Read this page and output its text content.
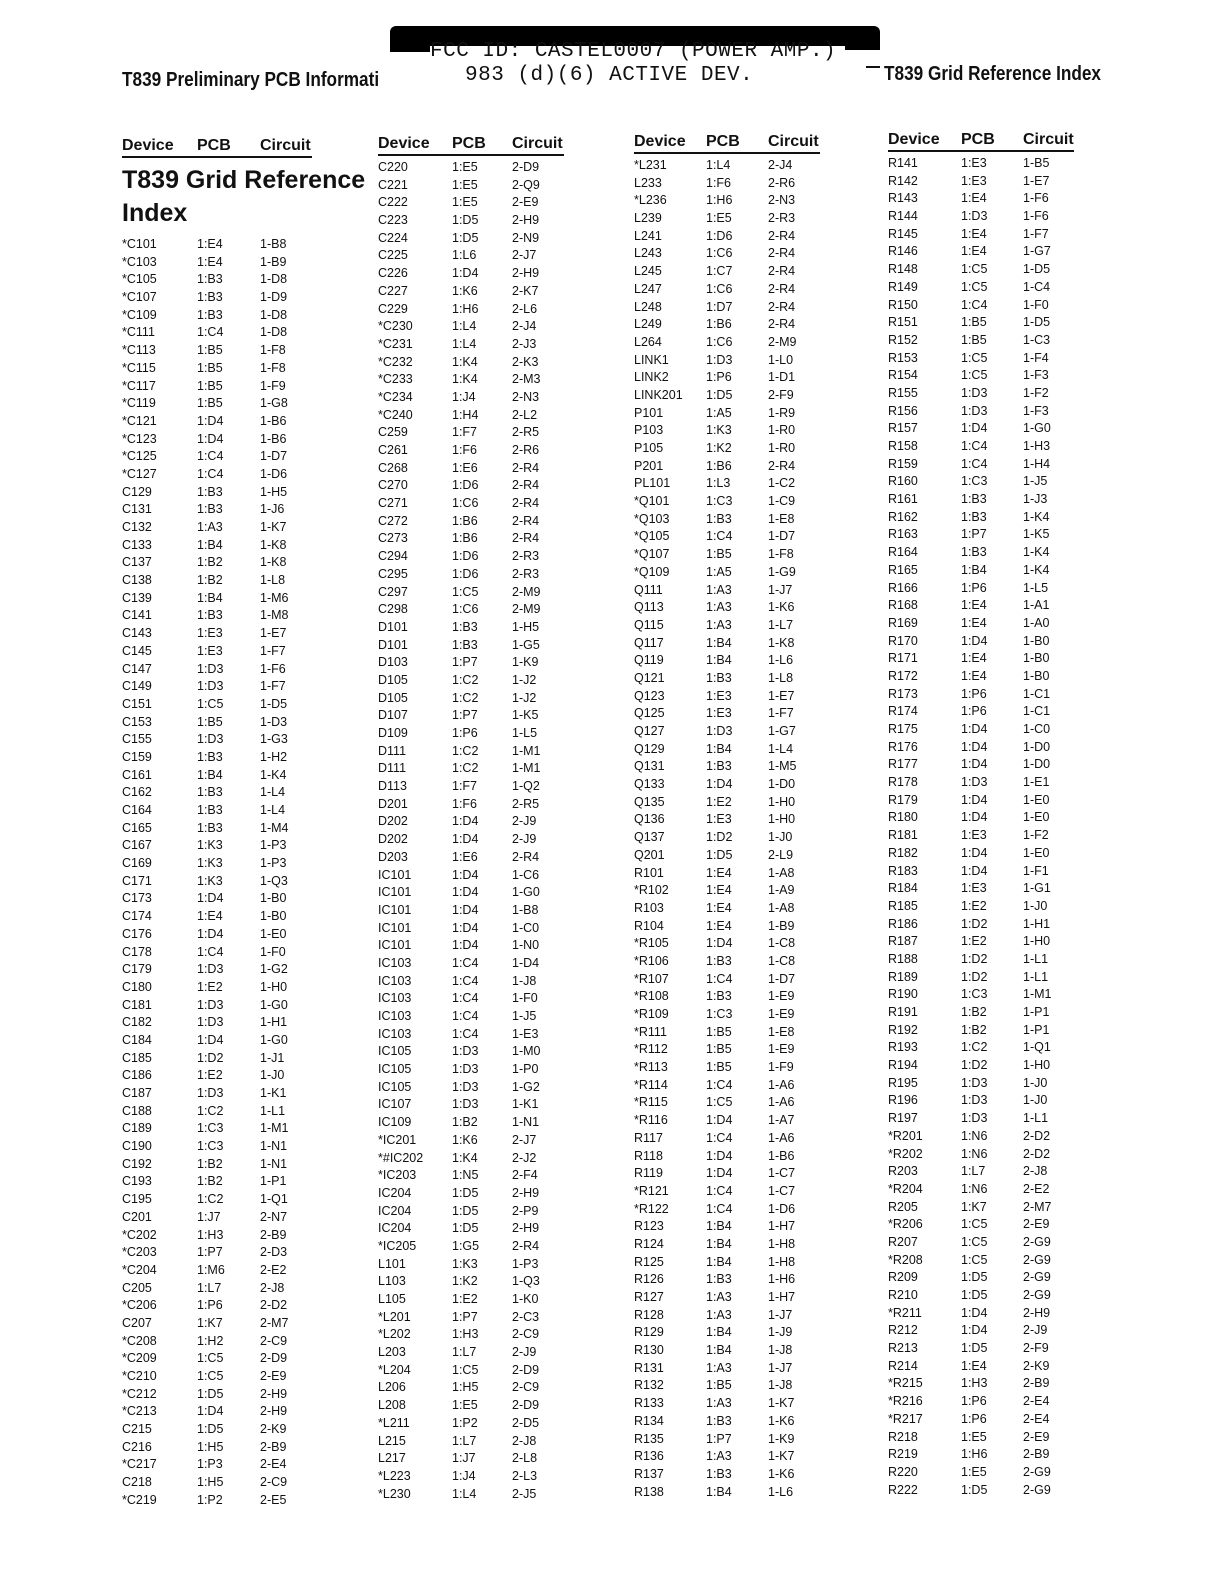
FCC ID: CASTEL0007 (POWER AMP.)
983 (d)(6) ACTIVE DEV.
T839 Preliminary PCB Informati	T839 Grid Reference Index
Device PCB Circuit
T839 Grid Reference Index
*C101	1:E4	1-B8
*C103	1:E4	1-B9
*C105	1:B3	1-D8
*C107	1:B3	1-D9
*C109	1:B3	1-D8
*C111	1:C4	1-D8
*C113	1:B5	1-F8
*C115	1:B5	1-F8
*C117	1:B5	1-F9
*C119	1:B5	1-G8
*C121	1:D4	1-B6
*C123	1:D4	1-B6
*C125	1:C4	1-D7
*C127	1:C4	1-D6
C129	1:B3	1-H5
C131	1:B3	1-J6
C132	1:A3	1-K7
C133	1:B4	1-K8
C137	1:B2	1-K8
C138	1:B2	1-L8
C139	1:B4	1-M6
C141	1:B3	1-M8
C143	1:E3	1-E7
C145	1:E3	1-F7
C147	1:D3	1-F6
C149	1:D3	1-F7
C151	1:C5	1-D5
C153	1:B5	1-D3
C155	1:D3	1-G3
C159	1:B3	1-H2
C161	1:B4	1-K4
C162	1:B3	1-L4
C164	1:B3	1-L4
C165	1:B3	1-M4
C167	1:K3	1-P3
C169	1:K3	1-P3
C171	1:K3	1-Q3
C173	1:D4	1-B0
C174	1:E4	1-B0
C176	1:D4	1-E0
C178	1:C4	1-F0
C179	1:D3	1-G2
C180	1:E2	1-H0
C181	1:D3	1-G0
C182	1:D3	1-H1
C184	1:D4	1-G0
C185	1:D2	1-J1
C186	1:E2	1-J0
C187	1:D3	1-K1
C188	1:C2	1-L1
C189	1:C3	1-M1
C190	1:C3	1-N1
C192	1:B2	1-N1
C193	1:B2	1-P1
C195	1:C2	1-Q1
C201	1:J7	2-N7
*C202	1:H3	2-B9
*C203	1:P7	2-D3
*C204	1:M6	2-E2
C205	1:L7	2-J8
*C206	1:P6	2-D2
C207	1:K7	2-M7
*C208	1:H2	2-C9
*C209	1:C5	2-D9
*C210	1:C5	2-E9
*C212	1:D5	2-H9
*C213	1:D4	2-H9
C215	1:D5	2-K9
C216	1:H5	2-B9
*C217	1:P3	2-E4
C218	1:H5	2-C9
*C219	1:P2	2-E5
Device PCB Circuit
C220	1:E5	2-D9
C221	1:E5	2-Q9
C222	1:E5	2-E9
C223	1:D5	2-H9
C224	1:D5	2-N9
C225	1:L6	2-J7
C226	1:D4	2-H9
C227	1:K6	2-K7
C229	1:H6	2-L6
*C230	1:L4	2-J4
*C231	1:L4	2-J3
*C232	1:K4	2-K3
*C233	1:K4	2-M3
*C234	1:J4	2-N3
*C240	1:H4	2-L2
C259	1:F7	2-R5
C261	1:F6	2-R6
C268	1:E6	2-R4
C270	1:D6	2-R4
C271	1:C6	2-R4
C272	1:B6	2-R4
C273	1:B6	2-R4
C294	1:D6	2-R3
C295	1:D6	2-R3
C297	1:C5	2-M9
C298	1:C6	2-M9
D101	1:B3	1-H5
D101	1:B3	1-G5
D103	1:P7	1-K9
D105	1:C2	1-J2
D105	1:C2	1-J2
D107	1:P7	1-K5
D109	1:P6	1-L5
D111	1:C2	1-M1
D111	1:C2	1-M1
D113	1:F7	1-Q2
D201	1:F6	2-R5
D202	1:D4	2-J9
D202	1:D4	2-J9
D203	1:E6	2-R4
IC101	1:D4	1-C6
IC101	1:D4	1-G0
IC101	1:D4	1-B8
IC101	1:D4	1-C0
IC101	1:D4	1-N0
IC103	1:C4	1-D4
IC103	1:C4	1-J8
IC103	1:C4	1-F0
IC103	1:C4	1-J5
IC103	1:C4	1-E3
IC105	1:D3	1-M0
IC105	1:D3	1-P0
IC105	1:D3	1-G2
IC107	1:D3	1-K1
IC109	1:B2	1-N1
*IC201	1:K6	2-J7
*#IC202 1:K4	2-J2
*IC203	1:N5	2-F4
IC204	1:D5	2-H9
IC204	1:D5	2-P9
IC204	1:D5	2-H9
*IC205	1:G5	2-R4
L101	1:K3	1-P3
L103	1:K2	1-Q3
L105	1:E2	1-K0
*L201	1:P7	2-C3
*L202	1:H3	2-C9
L203	1:L7	2-J9
*L204	1:C5	2-D9
L206	1:H5	2-C9
L208	1:E5	2-D9
*L211	1:P2	2-D5
L215	1:L7	2-J8
L217	1:J7	2-L8
*L223	1:J4	2-L3
*L230	1:L4	2-J5
Device PCB Circuit
*L231	1:L4	2-J4
L233	1:F6	2-R6
*L236	1:H6	2-N3
L239	1:E5	2-R3
L241	1:D6	2-R4
L243	1:C6	2-R4
L245	1:C7	2-R4
L247	1:C6	2-R4
L248	1:D7	2-R4
L249	1:B6	2-R4
L264	1:C6	2-M9
LINK1	1:D3	1-L0
LINK2	1:P6	1-D1
LINK201 1:D5	2-F9
P101	1:A5	1-R9
P103	1:K3	1-R0
P105	1:K2	1-R0
P201	1:B6	2-R4
PL101	1:L3	1-C2
*Q101	1:C3	1-C9
*Q103	1:B3	1-E8
*Q105	1:C4	1-D7
*Q107	1:B5	1-F8
*Q109	1:A5	1-G9
Q111	1:A3	1-J7
Q113	1:A3	1-K6
Q115	1:A3	1-L7
Q117	1:B4	1-K8
Q119	1:B4	1-L6
Q121	1:B3	1-L8
Q123	1:E3	1-E7
Q125	1:E3	1-F7
Q127	1:D3	1-G7
Q129	1:B4	1-L4
Q131	1:B3	1-M5
Q133	1:D4	1-D0
Q135	1:E2	1-H0
Q136	1:E3	1-H0
Q137	1:D2	1-J0
Q201	1:D5	2-L9
R101	1:E4	1-A8
*R102	1:E4	1-A9
R103	1:E4	1-A8
R104	1:E4	1-B9
*R105	1:D4	1-C8
*R106	1:B3	1-C8
*R107	1:C4	1-D7
*R108	1:B3	1-E9
*R109	1:C3	1-E9
*R111	1:B5	1-E8
*R112	1:B5	1-E9
*R113	1:B5	1-F9
*R114	1:C4	1-A6
*R115	1:C5	1-A6
*R116	1:D4	1-A7
R117	1:C4	1-A6
R118	1:D4	1-B6
R119	1:D4	1-C7
*R121	1:C4	1-C7
*R122	1:C4	1-D6
R123	1:B4	1-H7
R124	1:B4	1-H8
R125	1:B4	1-H8
R126	1:B3	1-H6
R127	1:A3	1-H7
R128	1:A3	1-J7
R129	1:B4	1-J9
R130	1:B4	1-J8
R131	1:A3	1-J7
R132	1:B5	1-J8
R133	1:A3	1-K7
R134	1:B3	1-K6
R135	1:P7	1-K9
R136	1:A3	1-K7
R137	1:B3	1-K6
R138	1:B4	1-L6
Device PCB Circuit
R141	1:E3	1-B5
R142	1:E3	1-E7
R143	1:E4	1-F6
R144	1:D3	1-F6
R145	1:E4	1-F7
R146	1:E4	1-G7
R148	1:C5	1-D5
R149	1:C5	1-C4
R150	1:C4	1-F0
R151	1:B5	1-D5
R152	1:B5	1-C3
R153	1:C5	1-F4
R154	1:C5	1-F3
R155	1:D3	1-F2
R156	1:D3	1-F3
R157	1:D4	1-G0
R158	1:C4	1-H3
R159	1:C4	1-H4
R160	1:C3	1-J5
R161	1:B3	1-J3
R162	1:B3	1-K4
R163	1:P7	1-K5
R164	1:B3	1-K4
R165	1:B4	1-K4
R166	1:P6	1-L5
R168	1:E4	1-A1
R169	1:E4	1-A0
R170	1:D4	1-B0
R171	1:E4	1-B0
R172	1:E4	1-B0
R173	1:P6	1-C1
R174	1:P6	1-C1
R175	1:D4	1-C0
R176	1:D4	1-D0
R177	1:D4	1-D0
R178	1:D3	1-E1
R179	1:D4	1-E0
R180	1:D4	1-E0
R181	1:E3	1-F2
R182	1:D4	1-E0
R183	1:D4	1-F1
R184	1:E3	1-G1
R185	1:E2	1-J0
R186	1:D2	1-H1
R187	1:E2	1-H0
R188	1:D2	1-L1
R189	1:D2	1-L1
R190	1:C3	1-M1
R191	1:B2	1-P1
R192	1:B2	1-P1
R193	1:C2	1-Q1
R194	1:D2	1-H0
R195	1:D3	1-J0
R196	1:D3	1-J0
R197	1:D3	1-L1
*R201	1:N6	2-D2
*R202	1:N6	2-D2
R203	1:L7	2-J8
*R204	1:N6	2-E2
R205	1:K7	2-M7
*R206	1:C5	2-E9
R207	1:C5	2-G9
*R208	1:C5	2-G9
R209	1:D5	2-G9
R210	1:D5	2-G9
*R211	1:D4	2-H9
R212	1:D4	2-J9
R213	1:D5	2-F9
R214	1:E4	2-K9
*R215	1:H3	2-B9
*R216	1:P6	2-E4
*R217	1:P6	2-E4
R218	1:E5	2-E9
R219	1:H6	2-B9
R220	1:E5	2-G9
R222	1:D5	2-G9
